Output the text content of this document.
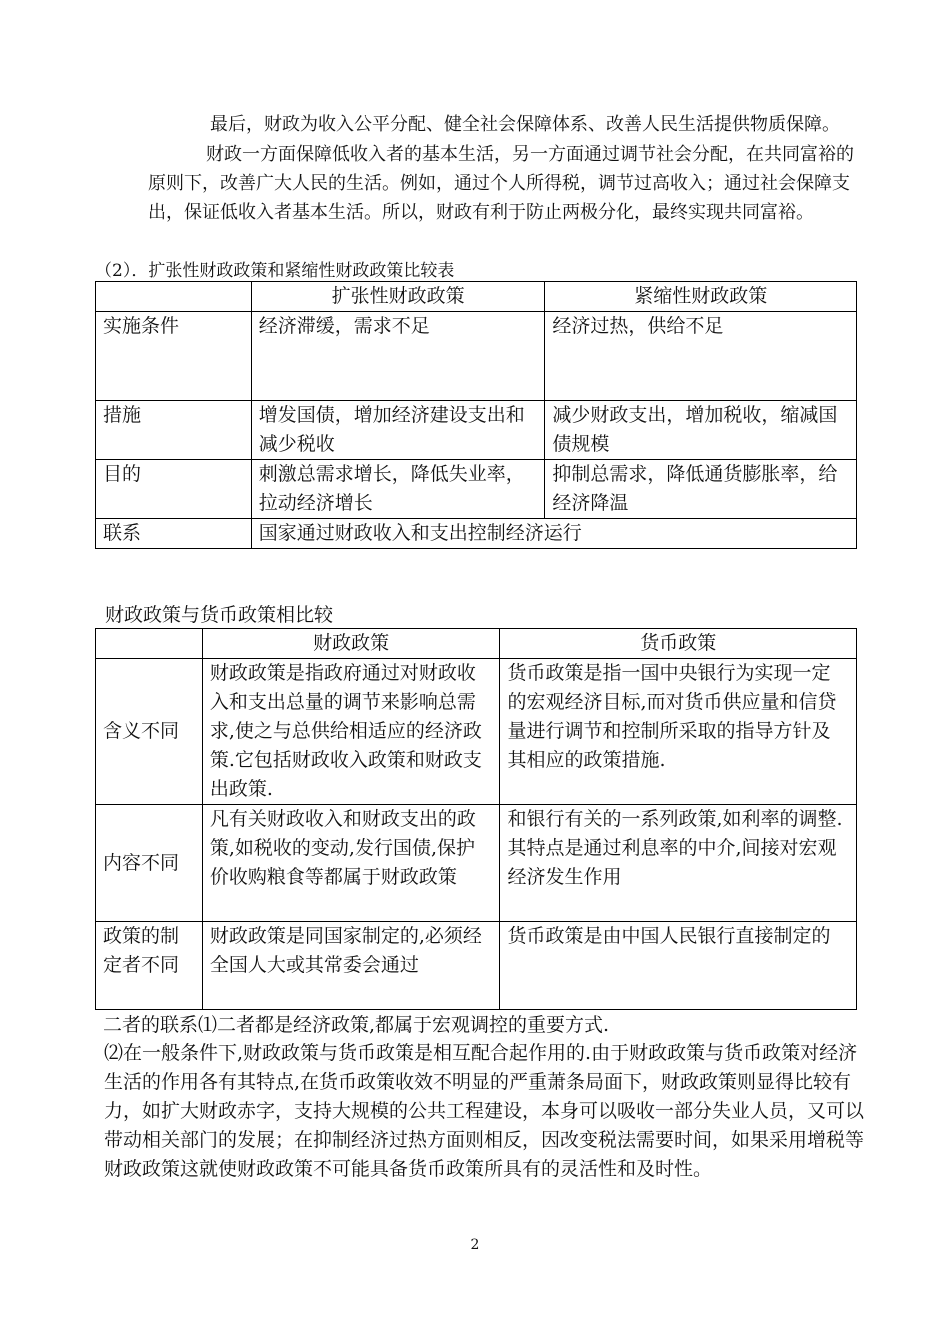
最后，财政为收入公平分配、健全社会保障体系、改善人民生活提供物质保障。

财政一方面保障低收入者的基本生活，另一方面通过调节社会分配，在共同富裕的原则下，改善广大人民的生活。例如，通过个人所得税，调节过高收入；通过社会保障支出，保证低收入者基本生活。所以，财政有利于防止两极分化，最终实现共同富裕。

（2）．扩张性财政政策和紧缩性财政政策比较表

	扩张性财政政策	紧缩性财政政策
实施条件	经济滞缓，需求不足	经济过热，供给不足
措施	增发国债，增加经济建设支出和减少税收	减少财政支出，增加税收，缩减国债规模
目的	刺激总需求增长，降低失业率，拉动经济增长	抑制总需求，降低通货膨胀率，给经济降温
联系	国家通过财政收入和支出控制经济运行	

财政政策与货币政策相比较

	财政政策	货币政策
含义不同	财政政策是指政府通过对财政收入和支出总量的调节来影响总需求,使之与总供给相适应的经济政策.它包括财政收入政策和财政支出政策.	货币政策是指一国中央银行为实现一定的宏观经济目标,而对货币供应量和信贷量进行调节和控制所采取的指导方针及其相应的政策措施.
内容不同	凡有关财政收入和财政支出的政策,如税收的变动,发行国债,保护价收购粮食等都属于财政政策	和银行有关的一系列政策,如利率的调整.其特点是通过利息率的中介,间接对宏观经济发生作用
政策的制定者不同	财政政策是同国家制定的,必须经全国人大或其常委会通过	货币政策是由中国人民银行直接制定的

二者的联系⑴二者都是经济政策,都属于宏观调控的重要方式.

⑵在一般条件下,财政政策与货币政策是相互配合起作用的.由于财政政策与货币政策对经济生活的作用各有其特点,在货币政策收效不明显的严重萧条局面下，财政政策则显得比较有力，如扩大财政赤字，支持大规模的公共工程建设，本身可以吸收一部分失业人员，又可以带动相关部门的发展；在抑制经济过热方面则相反，因改变税法需要时间，如果采用增税等财政政策这就使财政政策不可能具备货币政策所具有的灵活性和及时性。

2
